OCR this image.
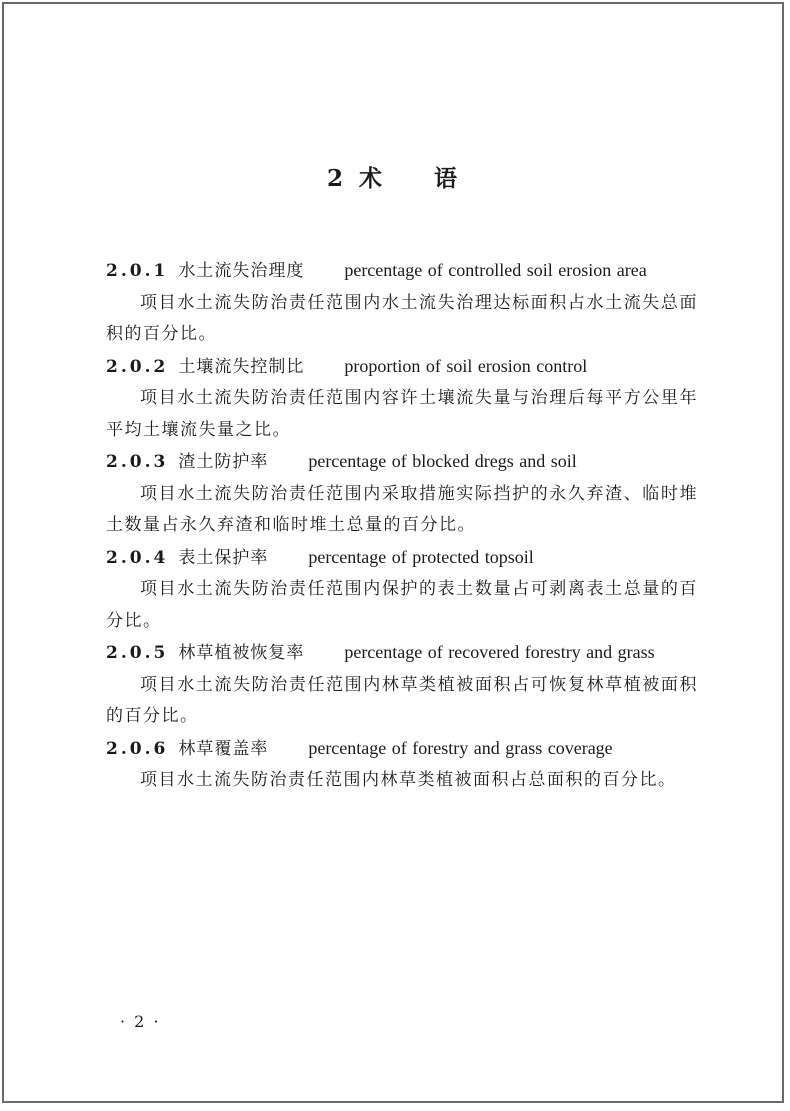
2 术 语

2.0.1 水土流失治理度 percentage of controlled soil erosion area

项目水土流失防治责任范围内水土流失治理达标面积占水土流失总面积的百分比。

2.0.2 土壤流失控制比 proportion of soil erosion control

项目水土流失防治责任范围内容许土壤流失量与治理后每平方公里年平均土壤流失量之比。

2.0.3 渣土防护率 percentage of blocked dregs and soil

项目水土流失防治责任范围内采取措施实际挡护的永久弃渣、临时堆土数量占永久弃渣和临时堆土总量的百分比。

2.0.4 表土保护率 percentage of protected topsoil

项目水土流失防治责任范围内保护的表土数量占可剥离表土总量的百分比。

2.0.5 林草植被恢复率 percentage of recovered forestry and grass

项目水土流失防治责任范围内林草类植被面积占可恢复林草植被面积的百分比。

2.0.6 林草覆盖率 percentage of forestry and grass coverage

项目水土流失防治责任范围内林草类植被面积占总面积的百分比。

· 2 ·
